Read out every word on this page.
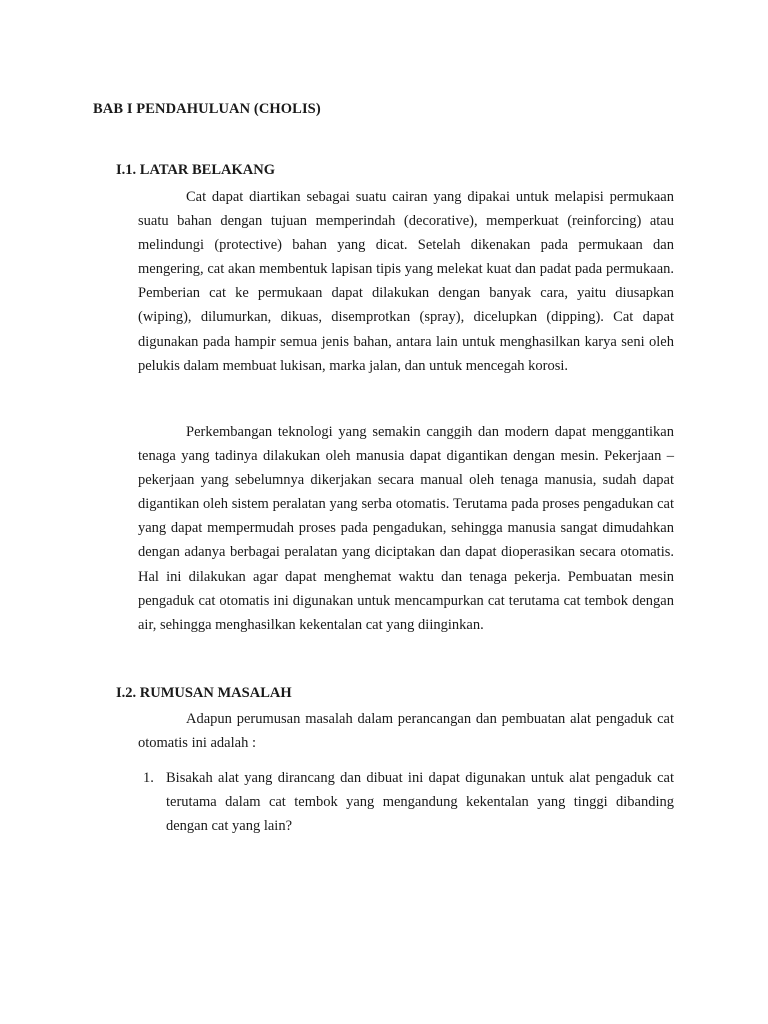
BAB I PENDAHULUAN (CHOLIS)
I.1. LATAR BELAKANG

Cat dapat diartikan sebagai suatu cairan yang dipakai untuk melapisi permukaan suatu bahan dengan tujuan memperindah (decorative), memperkuat (reinforcing) atau melindungi (protective) bahan yang dicat. Setelah dikenakan pada permukaan dan mengering, cat akan membentuk lapisan tipis yang melekat kuat dan padat pada permukaan. Pemberian cat ke permukaan dapat dilakukan dengan banyak cara, yaitu diusapkan (wiping), dilumurkan, dikuas, disemprotkan (spray), dicelupkan (dipping). Cat dapat digunakan pada hampir semua jenis bahan, antara lain untuk menghasilkan karya seni oleh pelukis dalam membuat lukisan, marka jalan, dan untuk mencegah korosi.

Perkembangan teknologi yang semakin canggih dan modern dapat menggantikan tenaga yang tadinya dilakukan oleh manusia dapat digantikan dengan mesin. Pekerjaan – pekerjaan yang sebelumnya dikerjakan secara manual oleh tenaga manusia, sudah dapat digantikan oleh sistem peralatan yang serba otomatis. Terutama pada proses pengadukan cat yang dapat mempermudah proses pada pengadukan, sehingga manusia sangat dimudahkan dengan adanya berbagai peralatan yang diciptakan dan dapat dioperasikan secara otomatis. Hal ini dilakukan agar dapat menghemat waktu dan tenaga pekerja. Pembuatan mesin pengaduk cat otomatis ini digunakan untuk mencampurkan cat terutama cat tembok dengan air, sehingga menghasilkan kekentalan cat yang diinginkan.

I.2. RUMUSAN MASALAH

Adapun perumusan masalah dalam perancangan dan pembuatan alat pengaduk cat otomatis ini adalah :

1. Bisakah alat yang dirancang dan dibuat ini dapat digunakan untuk alat pengaduk cat terutama dalam cat tembok yang mengandung kekentalan yang tinggi dibanding dengan cat yang lain?
